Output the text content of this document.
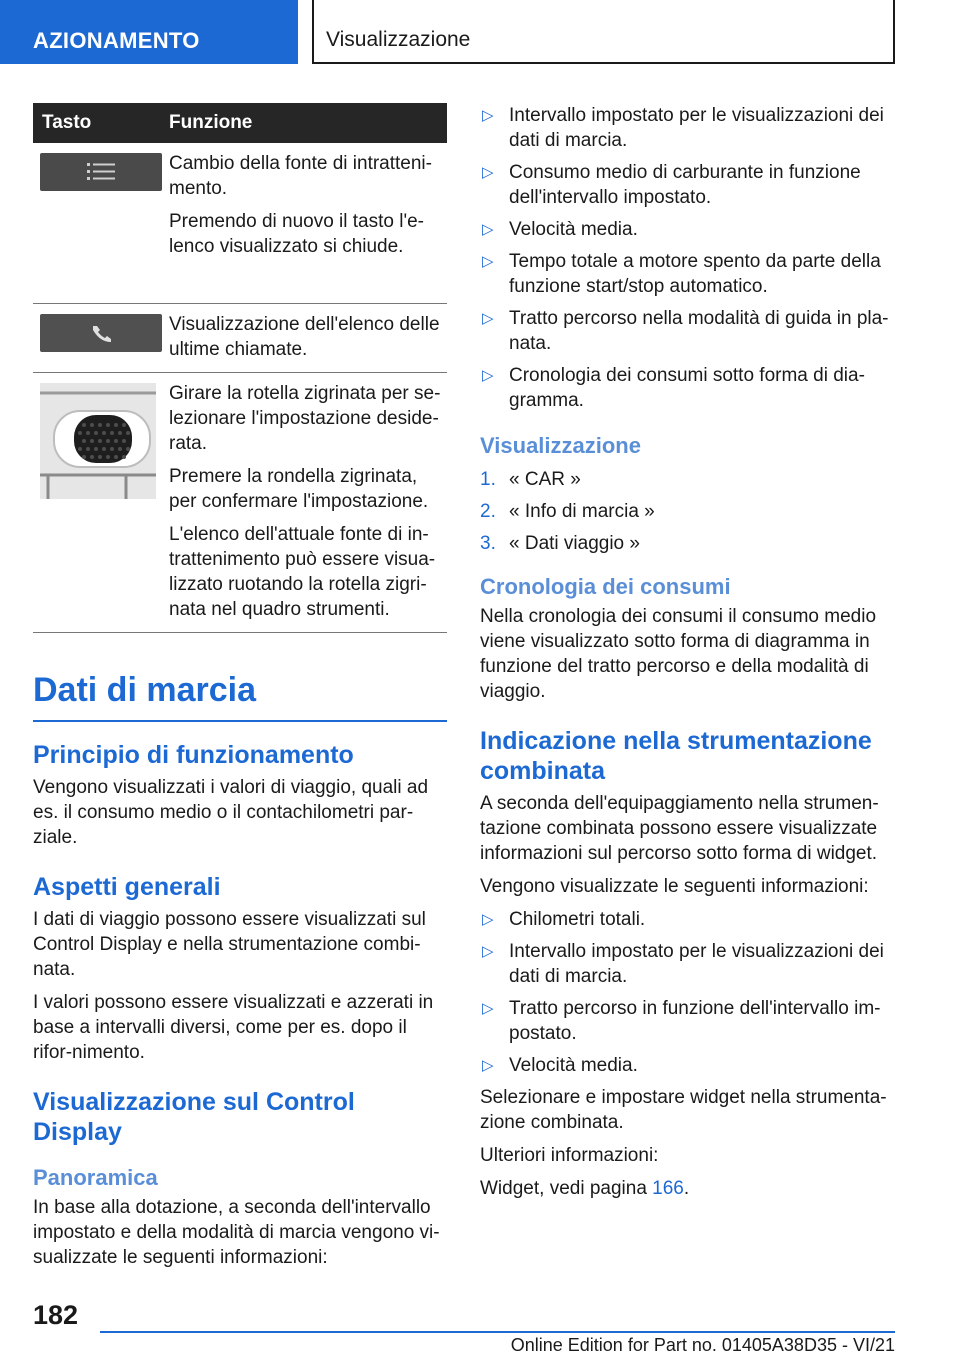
AZIONAMENTO	Visualizzazione
Tasto	Funzione

Cambio della fonte di intratteni-mento.

Premendo di nuovo il tasto l'e-lenco visualizzato si chiude.

Visualizzazione dell'elenco delle ultime chiamate.

Girare la rotella zigrinata per se-lezionare l'impostazione deside-rata.

Premere la rondella zigrinata, per confermare l'impostazione.

L'elenco dell'attuale fonte di in-trattenimento può essere visua-lizzato ruotando la rotella zigri-nata nel quadro strumenti.

Dati di marcia
Principio di funzionamento

Vengono visualizzati i valori di viaggio, quali ad es. il consumo medio o il contachilometri par-ziale.

Aspetti generali

I dati di viaggio possono essere visualizzati sul Control Display e nella strumentazione combi-nata.

I valori possono essere visualizzati e azzerati in base a intervalli diversi, come per es. dopo il rifor-nimento.

Visualizzazione sul Control Display
Panoramica

In base alla dotazione, a seconda dell'intervallo impostato e della modalità di marcia vengono vi-sualizzate le seguenti informazioni:

▷ Intervallo impostato per le visualizzazioni dei dati di marcia.
▷ Consumo medio di carburante in funzione dell'intervallo impostato.
▷ Velocità media.
▷ Tempo totale a motore spento da parte della funzione start/stop automatico.
▷ Tratto percorso nella modalità di guida in pla-nata.
▷ Cronologia dei consumi sotto forma di dia-gramma.
Visualizzazione
1. « CAR »
2. « Info di marcia »
3. « Dati viaggio »
Cronologia dei consumi

Nella cronologia dei consumi il consumo medio viene visualizzato sotto forma di diagramma in funzione del tratto percorso e della modalità di viaggio.

Indicazione nella strumentazione combinata

A seconda dell'equipaggiamento nella strumen-tazione combinata possono essere visualizzate informazioni sul percorso sotto forma di widget.

Vengono visualizzate le seguenti informazioni:

▷ Chilometri totali.
▷ Intervallo impostato per le visualizzazioni dei dati di marcia.
▷ Tratto percorso in funzione dell'intervallo im-postato.
▷ Velocità media.

Selezionare e impostare widget nella strumenta-zione combinata.

Ulteriori informazioni:

Widget, vedi pagina 166.

182
Online Edition for Part no. 01405A38D35 - VI/21
